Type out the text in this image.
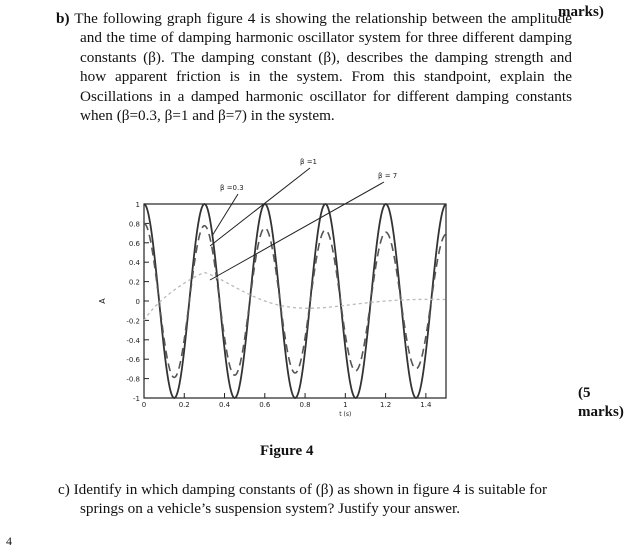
marks)
b) The following graph figure 4 is showing the relationship between the amplitude and the time of damping harmonic oscillator system for three different damping constants (β). The damping constant (β), describes the damping strength and how apparent friction is in the system. From this standpoint, explain the Oscillations in a damped harmonic oscillator for different damping constants when (β=0.3, β=1 and β=7) in the system.
1
0.8
0.6
0.4
0.2
0
-0.2
-0.4
-0.6
-0.8
-1
0	0.2	0.4	0.6	0.8	1	1.2	1.4
t (s)
A
β =0.3
β =1
β = 7
(5
marks)
Figure 4
c) Identify in which damping constants of (β) as shown in figure 4 is suitable for springs on a vehicle’s suspension system? Justify your answer.
4
